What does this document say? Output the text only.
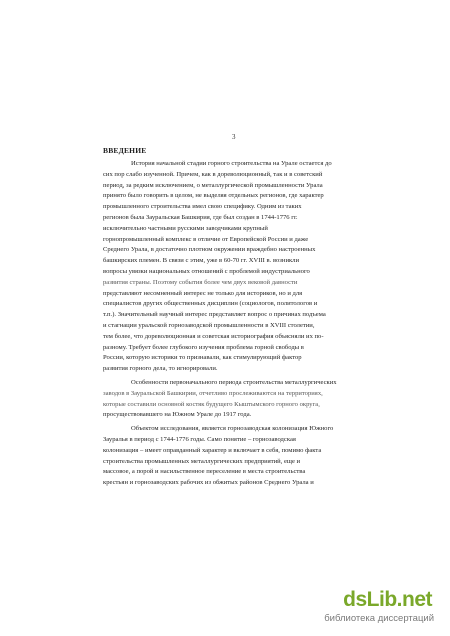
3
ВВЕДЕНИЕ

История начальной стадии горного строительства на Урале остается до
сих пор слабо изученной. Причем, как в дореволюционный, так и в советский
период, за редким исключением, о металлургической промышленности Урала
принято было говорить в целом, не выделяя отдельных регионов, где характер
промышленного строительства имел свою специфику. Одним из таких
регионов была Зауральская Башкирия, где был создан в 1744-1776 гг.
исключительно частными русскими заводчиками крупный
горнопромышленный комплекс в отличие от Европейской России и даже
Среднего Урала, в достаточно плотном окружении враждебно настроенных
башкирских племен. В связи с этим, уже в 60-70 гг. XVIII в. возникли
вопросы увязки национальных отношений с проблемой индустриального
развития страны. Поэтому события более чем двух вековой давности
представляют несомненный интерес не только для историков, но и для
специалистов других общественных дисциплин (социологов, политологов и
т.п.). Значительный научный интерес представляет вопрос о причинах подъема
и стагнации уральской горнозаводской промышленности в XVIII столетии,
тем более, что дореволюционная и советская историография объясняли их по-
разному. Требует более глубокого изучения проблема горной свободы в
России, которую историки то признавали, как стимулирующий фактор
развития горного дела, то игнорировали.

Особенности первоначального периода строительства металлургических
заводов в Зауральской Башкирии, отчетливо прослеживаются на территориях,
которые составили основной костяк будущего Кыштымского горного округа,
просуществовавшего на Южном Урале до 1917 года.

Объектом исследования, является горнозаводская колонизация Южного
Зауралья в период с 1744-1776 годы. Само понятие – горнозаводская
колонизация – имеет оправданный характер и включает в себя, помимо факта
строительства промышленных металлургических предприятий, еще и
массовое, а порой и насильственное переселение в места строительства
крестьян и горнозаводских рабочих из обжитых районов Среднего Урала и

dsLib.net
библиотека диссертаций
